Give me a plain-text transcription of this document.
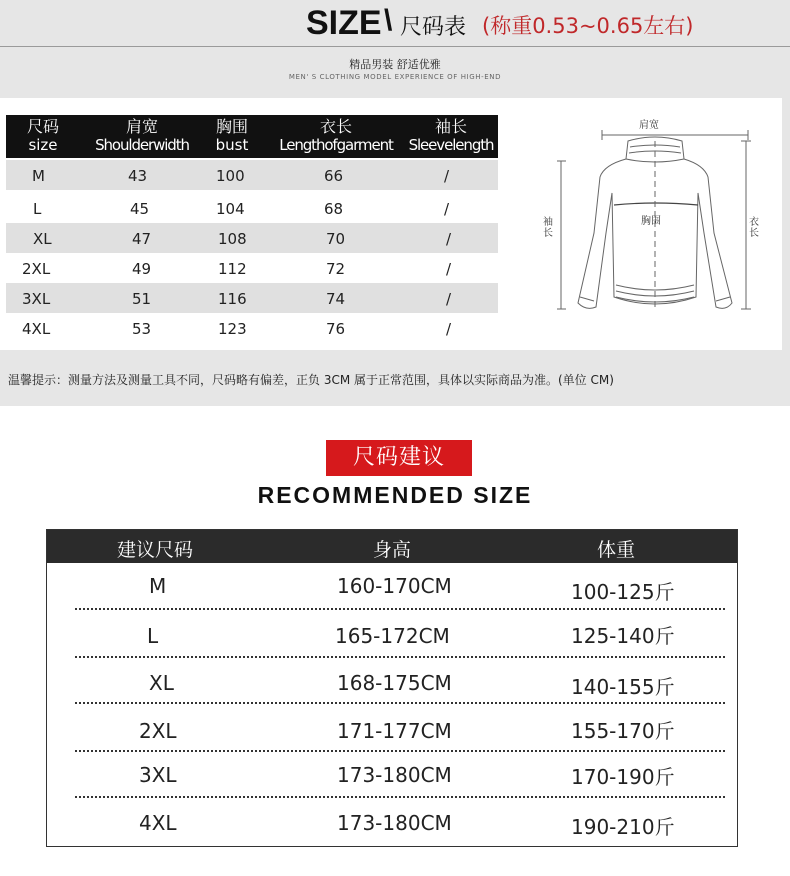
SIZE \ 尺码表 (称重0.53~0.65左右)
精品男装 舒适优雅
MEN' S CLOTHING MODEL EXPERIENCE OF HIGH-END
尺码
size
肩宽
Shoulderwidth
胸围
bust
衣长
Lengthofgarment
袖长
Sleevelength
M	43	100	66	/
L	45	104	68	/
XL	47	108	70	/
2XL	49	112	72	/
3XL	51	116	74	/
4XL	53	123	76	/
肩宽
胸围
袖长
衣长
温馨提示：测量方法及测量工具不同，尺码略有偏差，正负 3CM 属于正常范围，具体以实际商品为准。(单位 CM)
尺码建议
RECOMMENDED SIZE
建议尺码	身高	体重
M	160-170CM	100-125斤
L	165-172CM	125-140斤
XL	168-175CM	140-155斤
2XL	171-177CM	155-170斤
3XL	173-180CM	170-190斤
4XL	173-180CM	190-210斤
